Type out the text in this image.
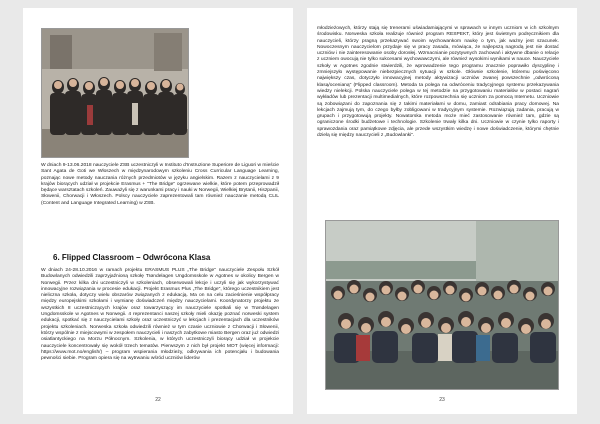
W dniach 9-13.06.2018 nauczyciele ZSB uczestniczyli w Instituto d'Instruzione Superiore de Liguori w mieście Sant Agata de Goti we Włoszech w międzynarodowym szkoleniu Cross Curricular Language Learning, poznając nowe metody nauczania różnych przedmiotów w języku angielskim. Razem z nauczycielami z 9 krajów biorących udział w projekcie Erasmus + "The Bridge" ogrzewane wielkie, które potem przeprowadził będące warsztatach szkoleń. Zauważyli się z warunkami pracy i nauki w Norwegii, Wielkiej Brytanii, Hiszpanii, Słowenii, Chorwacji i Włoszech. Polscy nauczyciele zaprezentowali tam również nauczanie metodą CLIL (Content and Language Integrated Learning) w ZSB.

6. Flipped Classroom – Odwrócona Klasa

W dniach 24-28.10.2016 w ramach projektu ERASMUS PLUS „The Bridge" nauczyciele Zespołu Szkół Budowlanych odwiedzili zaprzyjaźnioną szkołę Trøndelagen Ungdomsskole w Agotnes w okolicy Bergen w Norwegii. Przez kilka dni uczestniczyli w szkoleniach, obserwowali lekcje i uczyli się jak wykorzystywać innowacyjne rozwiązania w procesie edukacji. Projekt Erasmus Plus „The Bridge", którego uczestnikiem jest nieliczna szkoła, dotyczy wielu obszarów związanych z edukacją. Ma on na celu zacieśnienie współpracy między europejskimi szkołami i wymianę doświadczeń między nauczycielami. Koordynatorzy projektu ze wszystkich 8 uczestniczących krajów oraz towarzyszący im nauczyciele spotkali się w Trøndelagen Ungdomsskole w Agotnes w Norwegii. 4 reprezentanci naszej szkoły mieli okazję poznać norweski system edukacji, spotkać się z nauczycielami szkoły oraz uczestniczyć w lekcjach i prezentacjach dla uczestników projektu szkoleniach. Norweska szkoła odwiedzili również w tym czasie uczniowie z Chorwacji i Słowenii, którzy wspólnie z miejscowymi w zespołem nauczycieli i naszych zabytkowe miasto Bergen oraz już odwiedzi osiatlantyckiego na Morzu Północnym. Szkolenia, w których uczestniczyli biorący udział w projekcie nauczyciele koncentrowały się wokół trzech tematów. Pierwszym z nich był projekt MOT (więcej informacji: https://www.mot.no/english/) – program wspierania młodzieży, odkrywania ich potencjału i budowania pewności siebie. Program opiera się na wytrwaniu wśród uczniów liderów

22

młodzieżowych, którzy stają się trenerami uświadamiającymi w sprawach w innym uczniom w ich szkolnym środowisku. Norweska szkoła realizuje również program RESPEKT, który jest świetnym podręcznikiem dla nauczycieli, którzy pragną przekazywać swoim wychowankom naukę o tym, jak ważny jest szacunek. Nowoczesnym nauczycielom przydaje się w pracy zasada, mówiąca, że najlepszą nagrodą jest nie dostać uczniów i nie zainteresowanie osoby dorosłej. Wzmacnianie pozytywnych zachowań i aktywne dbanie o relacje z uczniem owocują nie tylko sukcesami wychowawczymi, ale również wysokimi wynikami w nauce. Nauczyciele szkoły w Agotnes zgodnie stwierdzili, że wprowadzenie tego programu znacznie poprawiło dyscyplinę i zmniejszyło występowanie niebezpiecznych sytuacji w szkole. Głównie szkolenie, któremu poświęcono największy czas, dotyczyło innowacyjnej metody aktywizacji uczniów zwanej powszechnie „odwróconą klasą/ocenianą" (Flipped classroom). Metoda ta polega na odwróceniu tradycyjnego systemu przekazywania wiedzy nielekcji. Polska nauczyciele polega w tej metodzie na przygotowaniu materiałów w postaci nagrań wykładów lub prezentacji multimedialnych, które rozpowszechnia się uczniom za pomocą Internetu. Uczniowie są zobowiązani do zapoznania się z takimi materiałami w domu, zamiast odrabiania pracy domowej. Na lekcjach zajmują tym, do czego byłby zobligowani w tradycyjnym systemie. Rozwiązują zadania, pracują w grupach i przygotowują projekty. Nowatorska metoda może mieć zastosowanie również tam, gdzie są ograniczone środki budżetowe i technologie. Szkolenie trwały kilka dni. Uczniowie w czynie tylko raporty i sprawozdania oraz pamiątkowe zdjęcia, ale przede wszystkim wiedzę i nowe doświadczenie, którymi chętnie dzielą się między nauczycieli z „Budowlanki".

23
